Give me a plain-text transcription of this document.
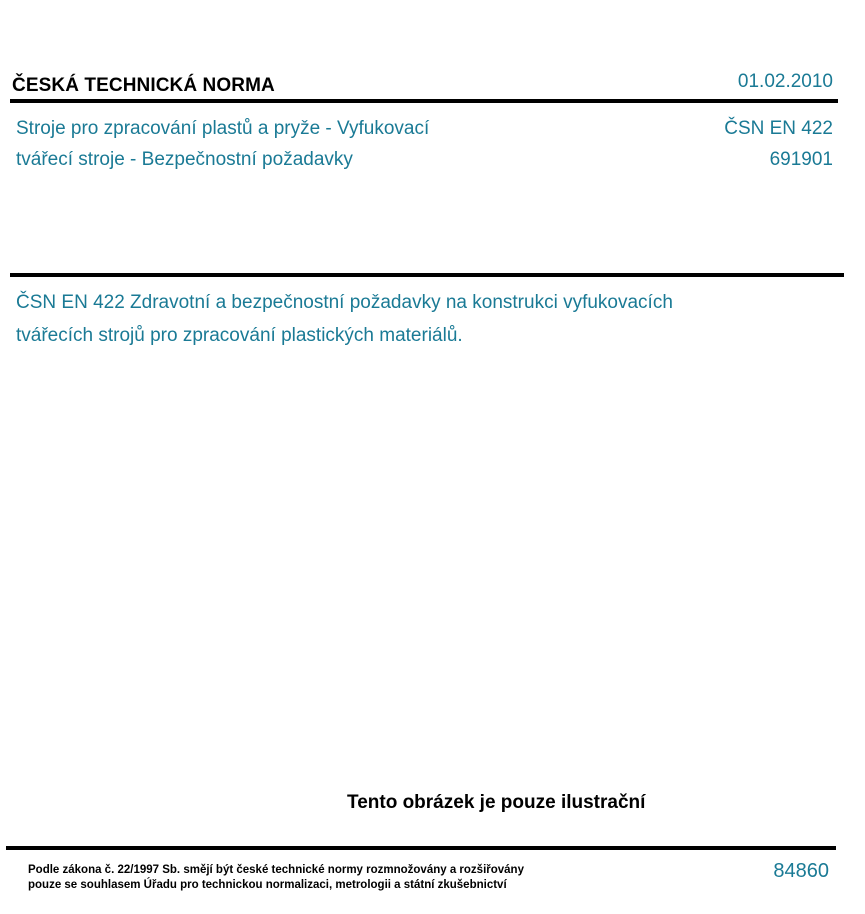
ČESKÁ TECHNICKÁ NORMA	01.02.2010
Stroje pro zpracování plastů a pryže - Vyfukovací
tvářecí stroje - Bezpečnostní požadavky
ČSN EN 422
691901
ČSN EN 422 Zdravotní a bezpečnostní požadavky na konstrukci vyfukovacích
tvářecích strojů pro zpracování plastických materiálů.
Tento obrázek je pouze ilustrační
Podle zákona č. 22/1997 Sb. smějí být české technické normy rozmnožovány a rozšiřovány
pouze se souhlasem Úřadu pro technickou normalizaci, metrologii a státní zkušebnictví
84860
